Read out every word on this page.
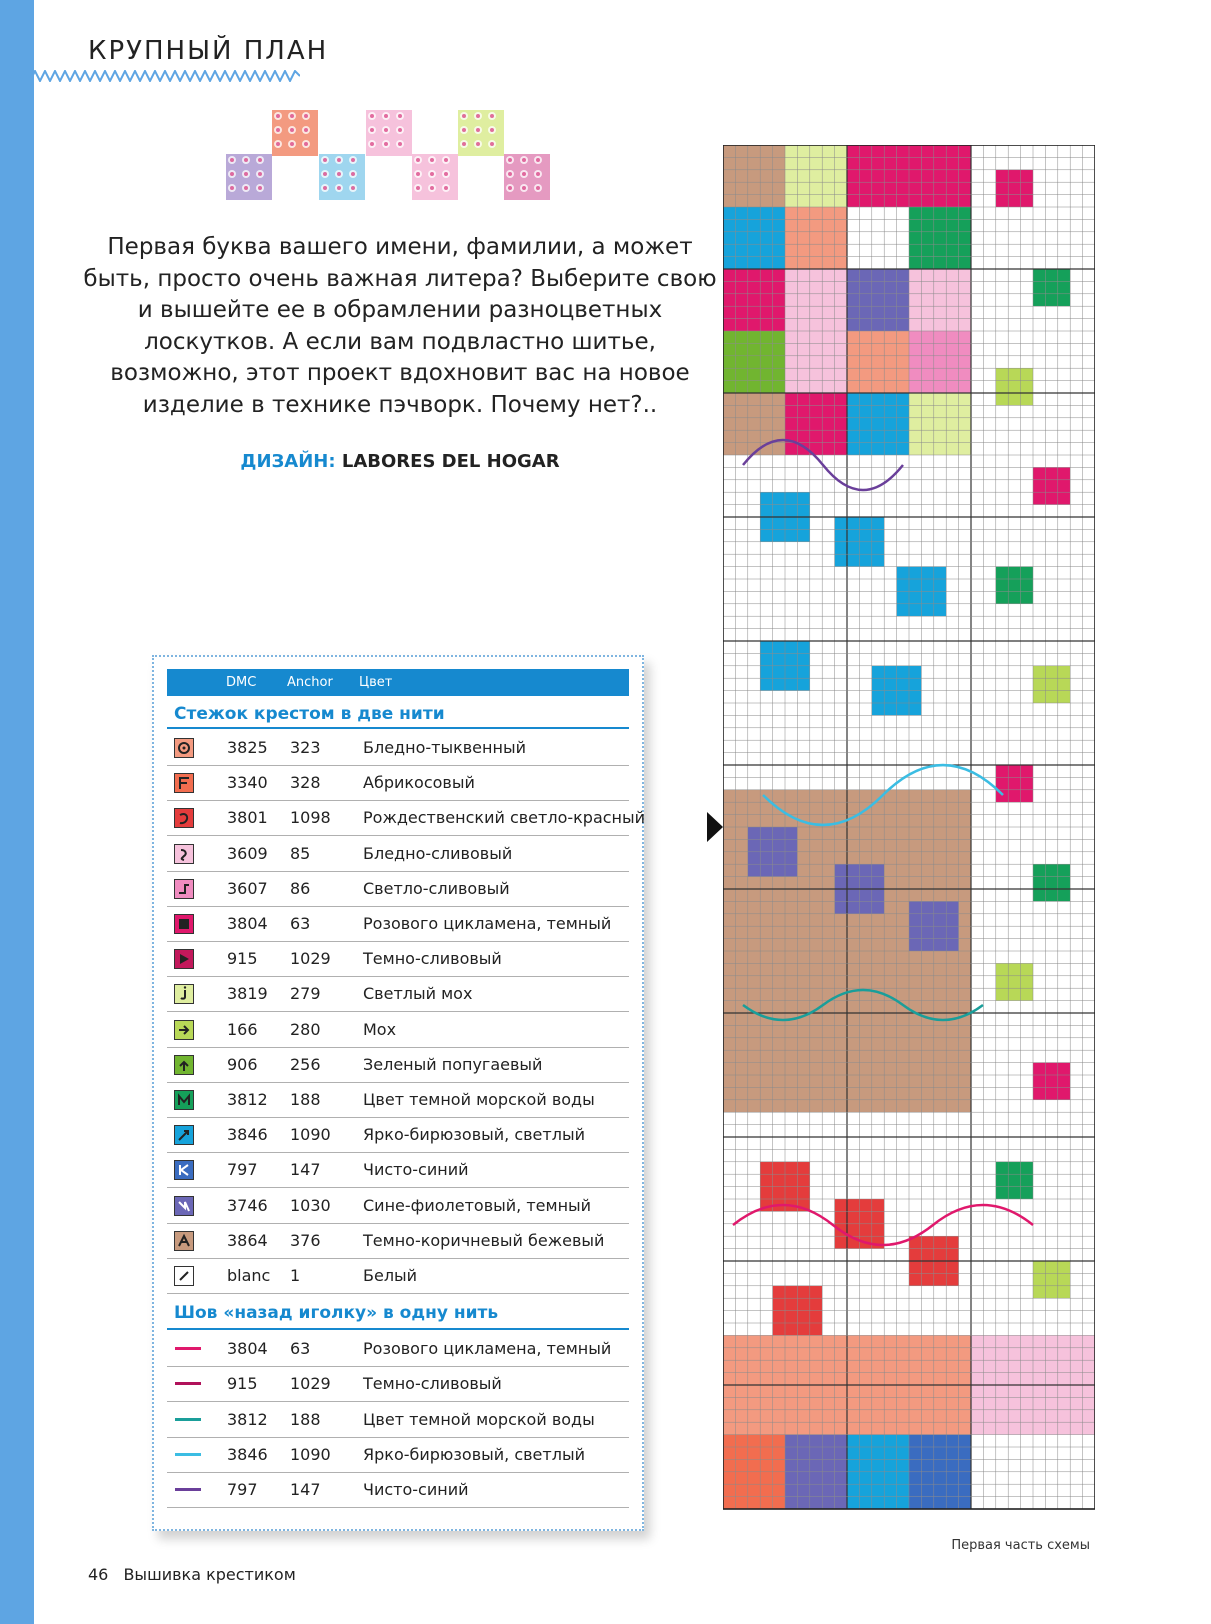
КРУПНЫЙ ПЛАН

Первая буква вашего имени, фамилии, а может быть, просто очень важная литера? Выберите свою и вышейте ее в обрамлении разноцветных лоскутков. А если вам подвластно шитье, возможно, этот проект вдохновит вас на новое изделие в технике пэчворк. Почему нет?..

ДИЗАЙН: LABORES DEL HOGAR
DMC Anchor Цвет
Стежок крестом в две нити
Шов «назад иголку» в одну нить
3825 323	Бледно-тыквенный
3340 328	Абрикосовый
3801 1098 Рождественский светло-красный
3609 85	Бледно-сливовый
3607 86	Светло-сливовый
3804 63	Розового цикламена, темный
915 1029 Темно-сливовый
3819 279	Светлый мох
166 280	Мох
906 256	Зеленый попугаевый
3812 188	Цвет темной морской воды
3846 1090 Ярко-бирюзовый, светлый
797 147	Чисто-синий
3746 1030 Сине-фиолетовый, темный
3864 376	Темно-коричневый бежевый
blanc 1	Белый
3804 63	Розового цикламена, темный
915 1029 Темно-сливовый
3812 188	Цвет темной морской воды
3846 1090 Ярко-бирюзовый, светлый
797 147	Чисто-синий
Первая часть схемы
46 Вышивка крестиком
